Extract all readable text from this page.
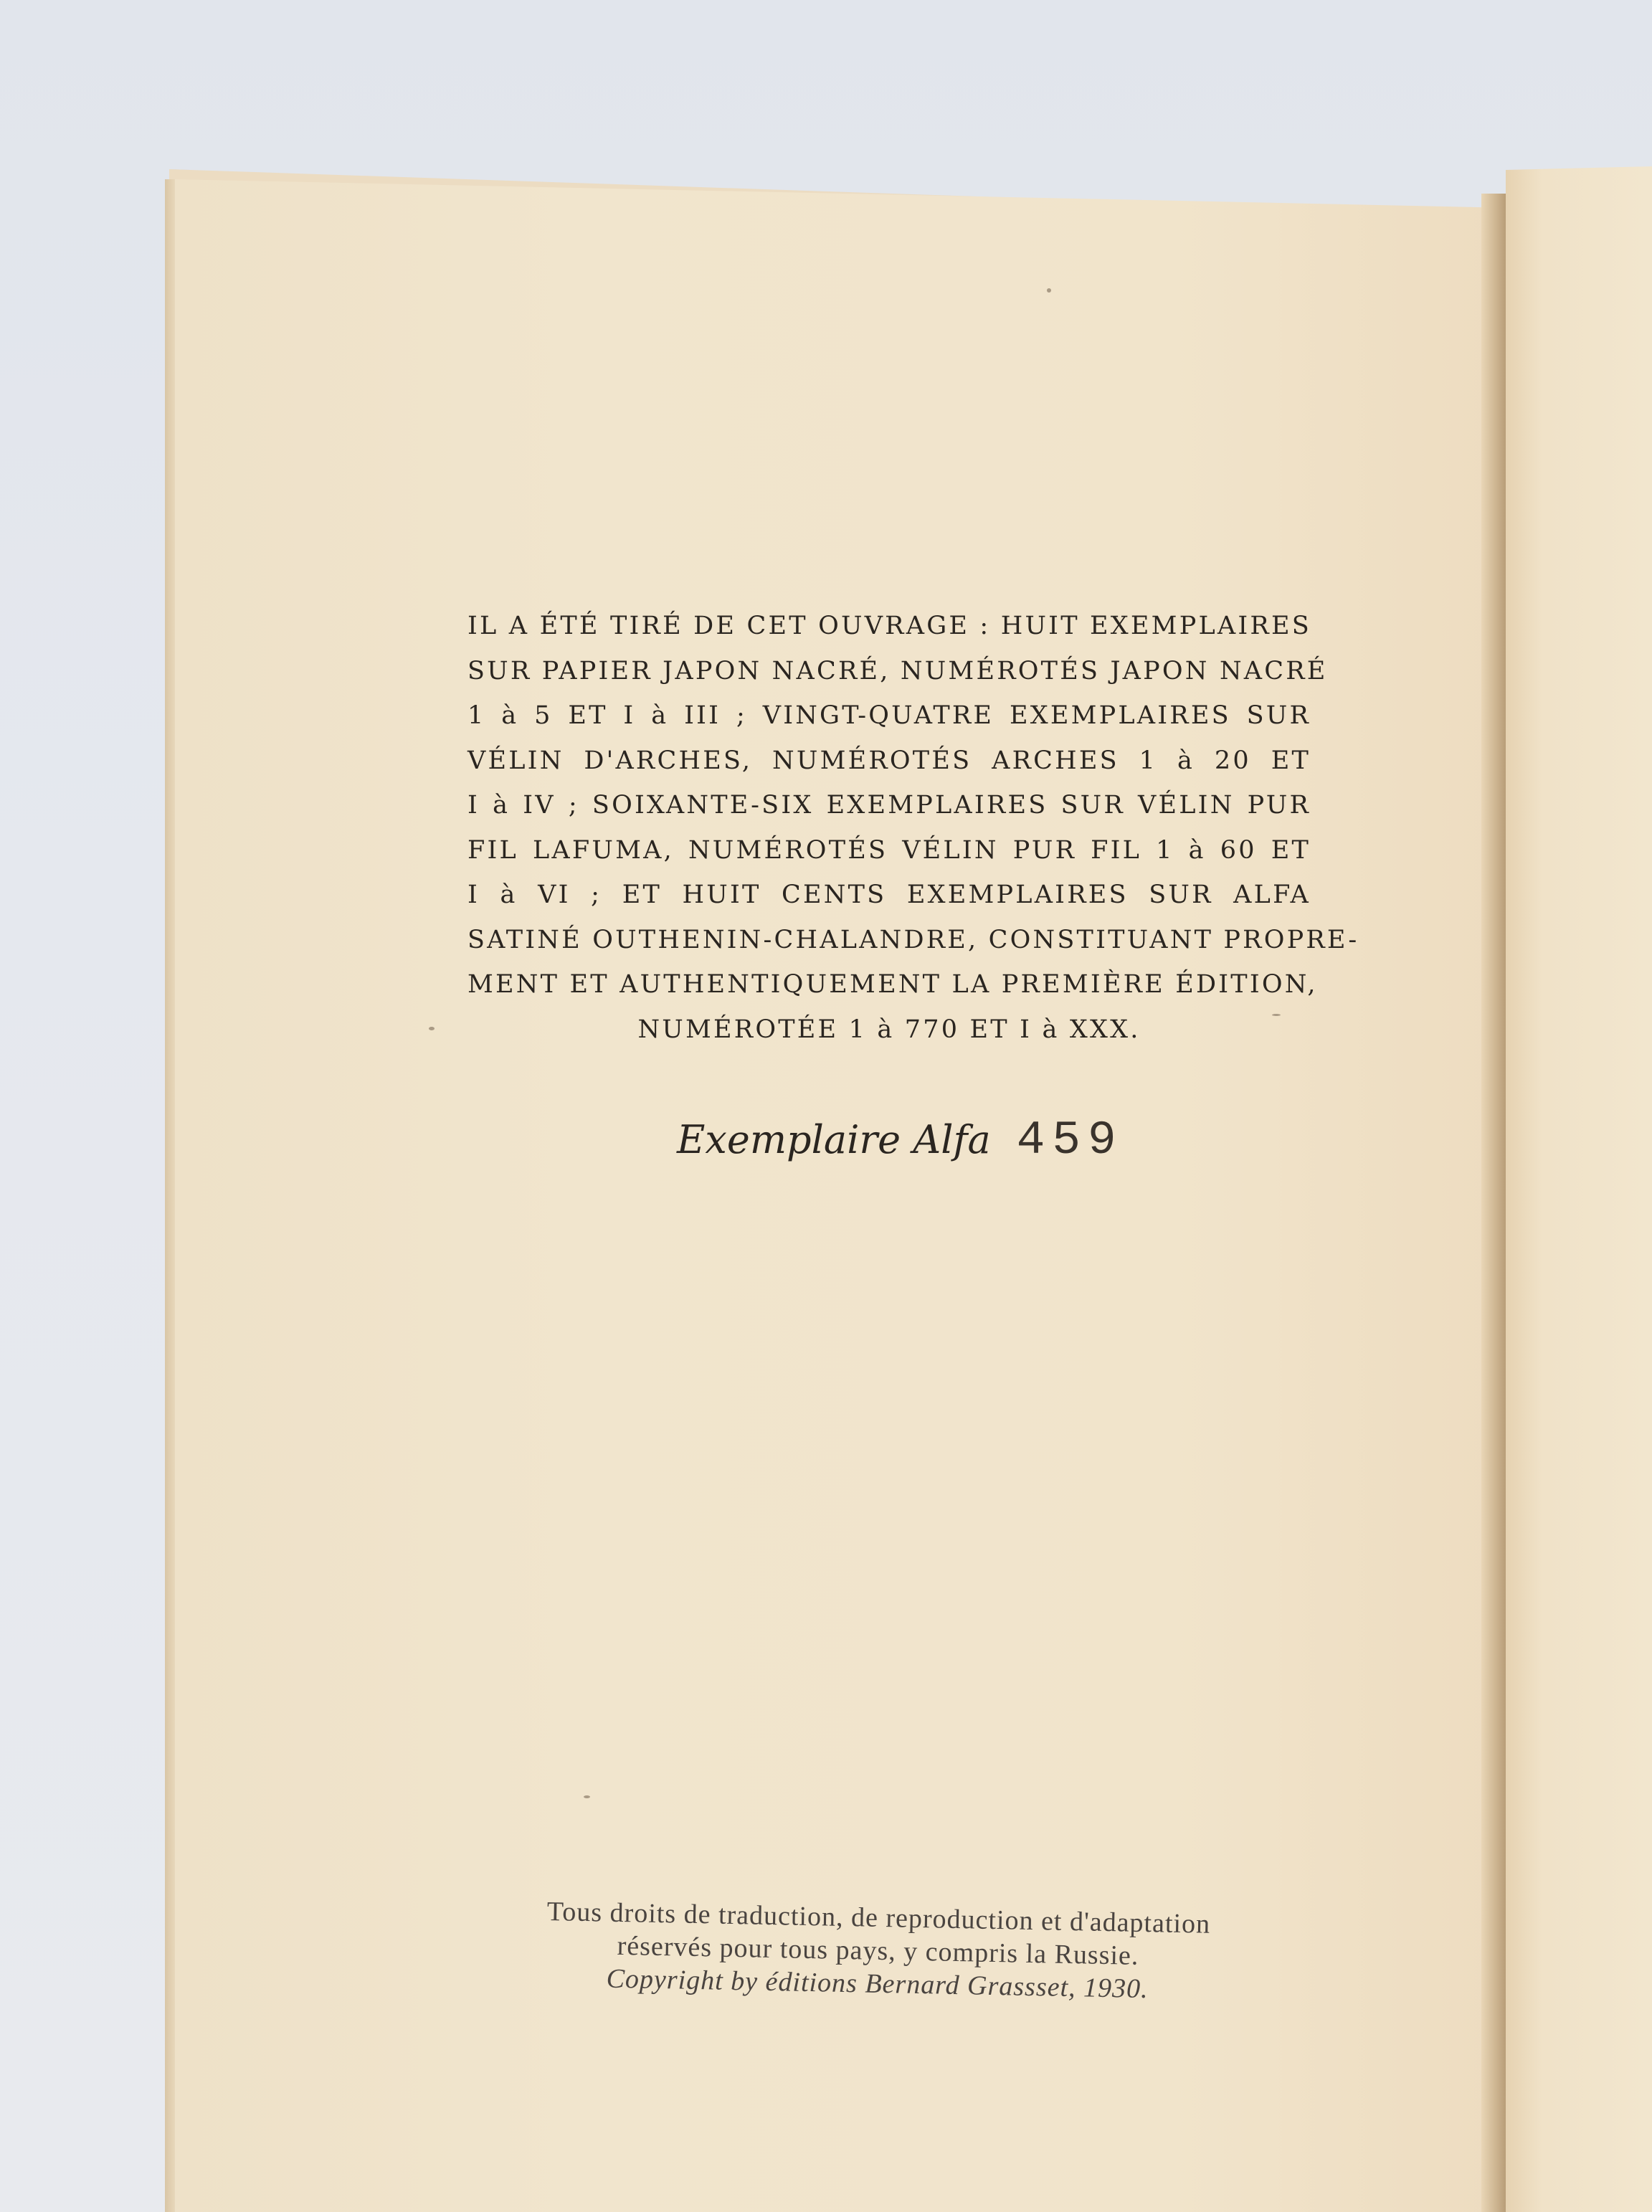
IL A ÉTÉ TIRÉ DE CET OUVRAGE : HUIT EXEMPLAIRES
SUR PAPIER JAPON NACRÉ, NUMÉROTÉS JAPON NACRÉ
1 à 5 ET I à III ; VINGT-QUATRE EXEMPLAIRES SUR
VÉLIN D'ARCHES, NUMÉROTÉS ARCHES 1 à 20 ET
I à IV ; SOIXANTE-SIX EXEMPLAIRES SUR VÉLIN PUR
FIL LAFUMA, NUMÉROTÉS VÉLIN PUR FIL 1 à 60 ET
I à VI ; ET HUIT CENTS EXEMPLAIRES SUR ALFA
SATINÉ OUTHENIN-CHALANDRE, CONSTITUANT PROPRE-
MENT ET AUTHENTIQUEMENT LA PREMIÈRE ÉDITION,
NUMÉROTÉE 1 à 770 ET I à XXX.

Exemplaire Alfa 459
Tous droits de traduction, de reproduction et d'adaptation
réservés pour tous pays, y compris la Russie.
Copyright by éditions Bernard Grassset, 1930.
